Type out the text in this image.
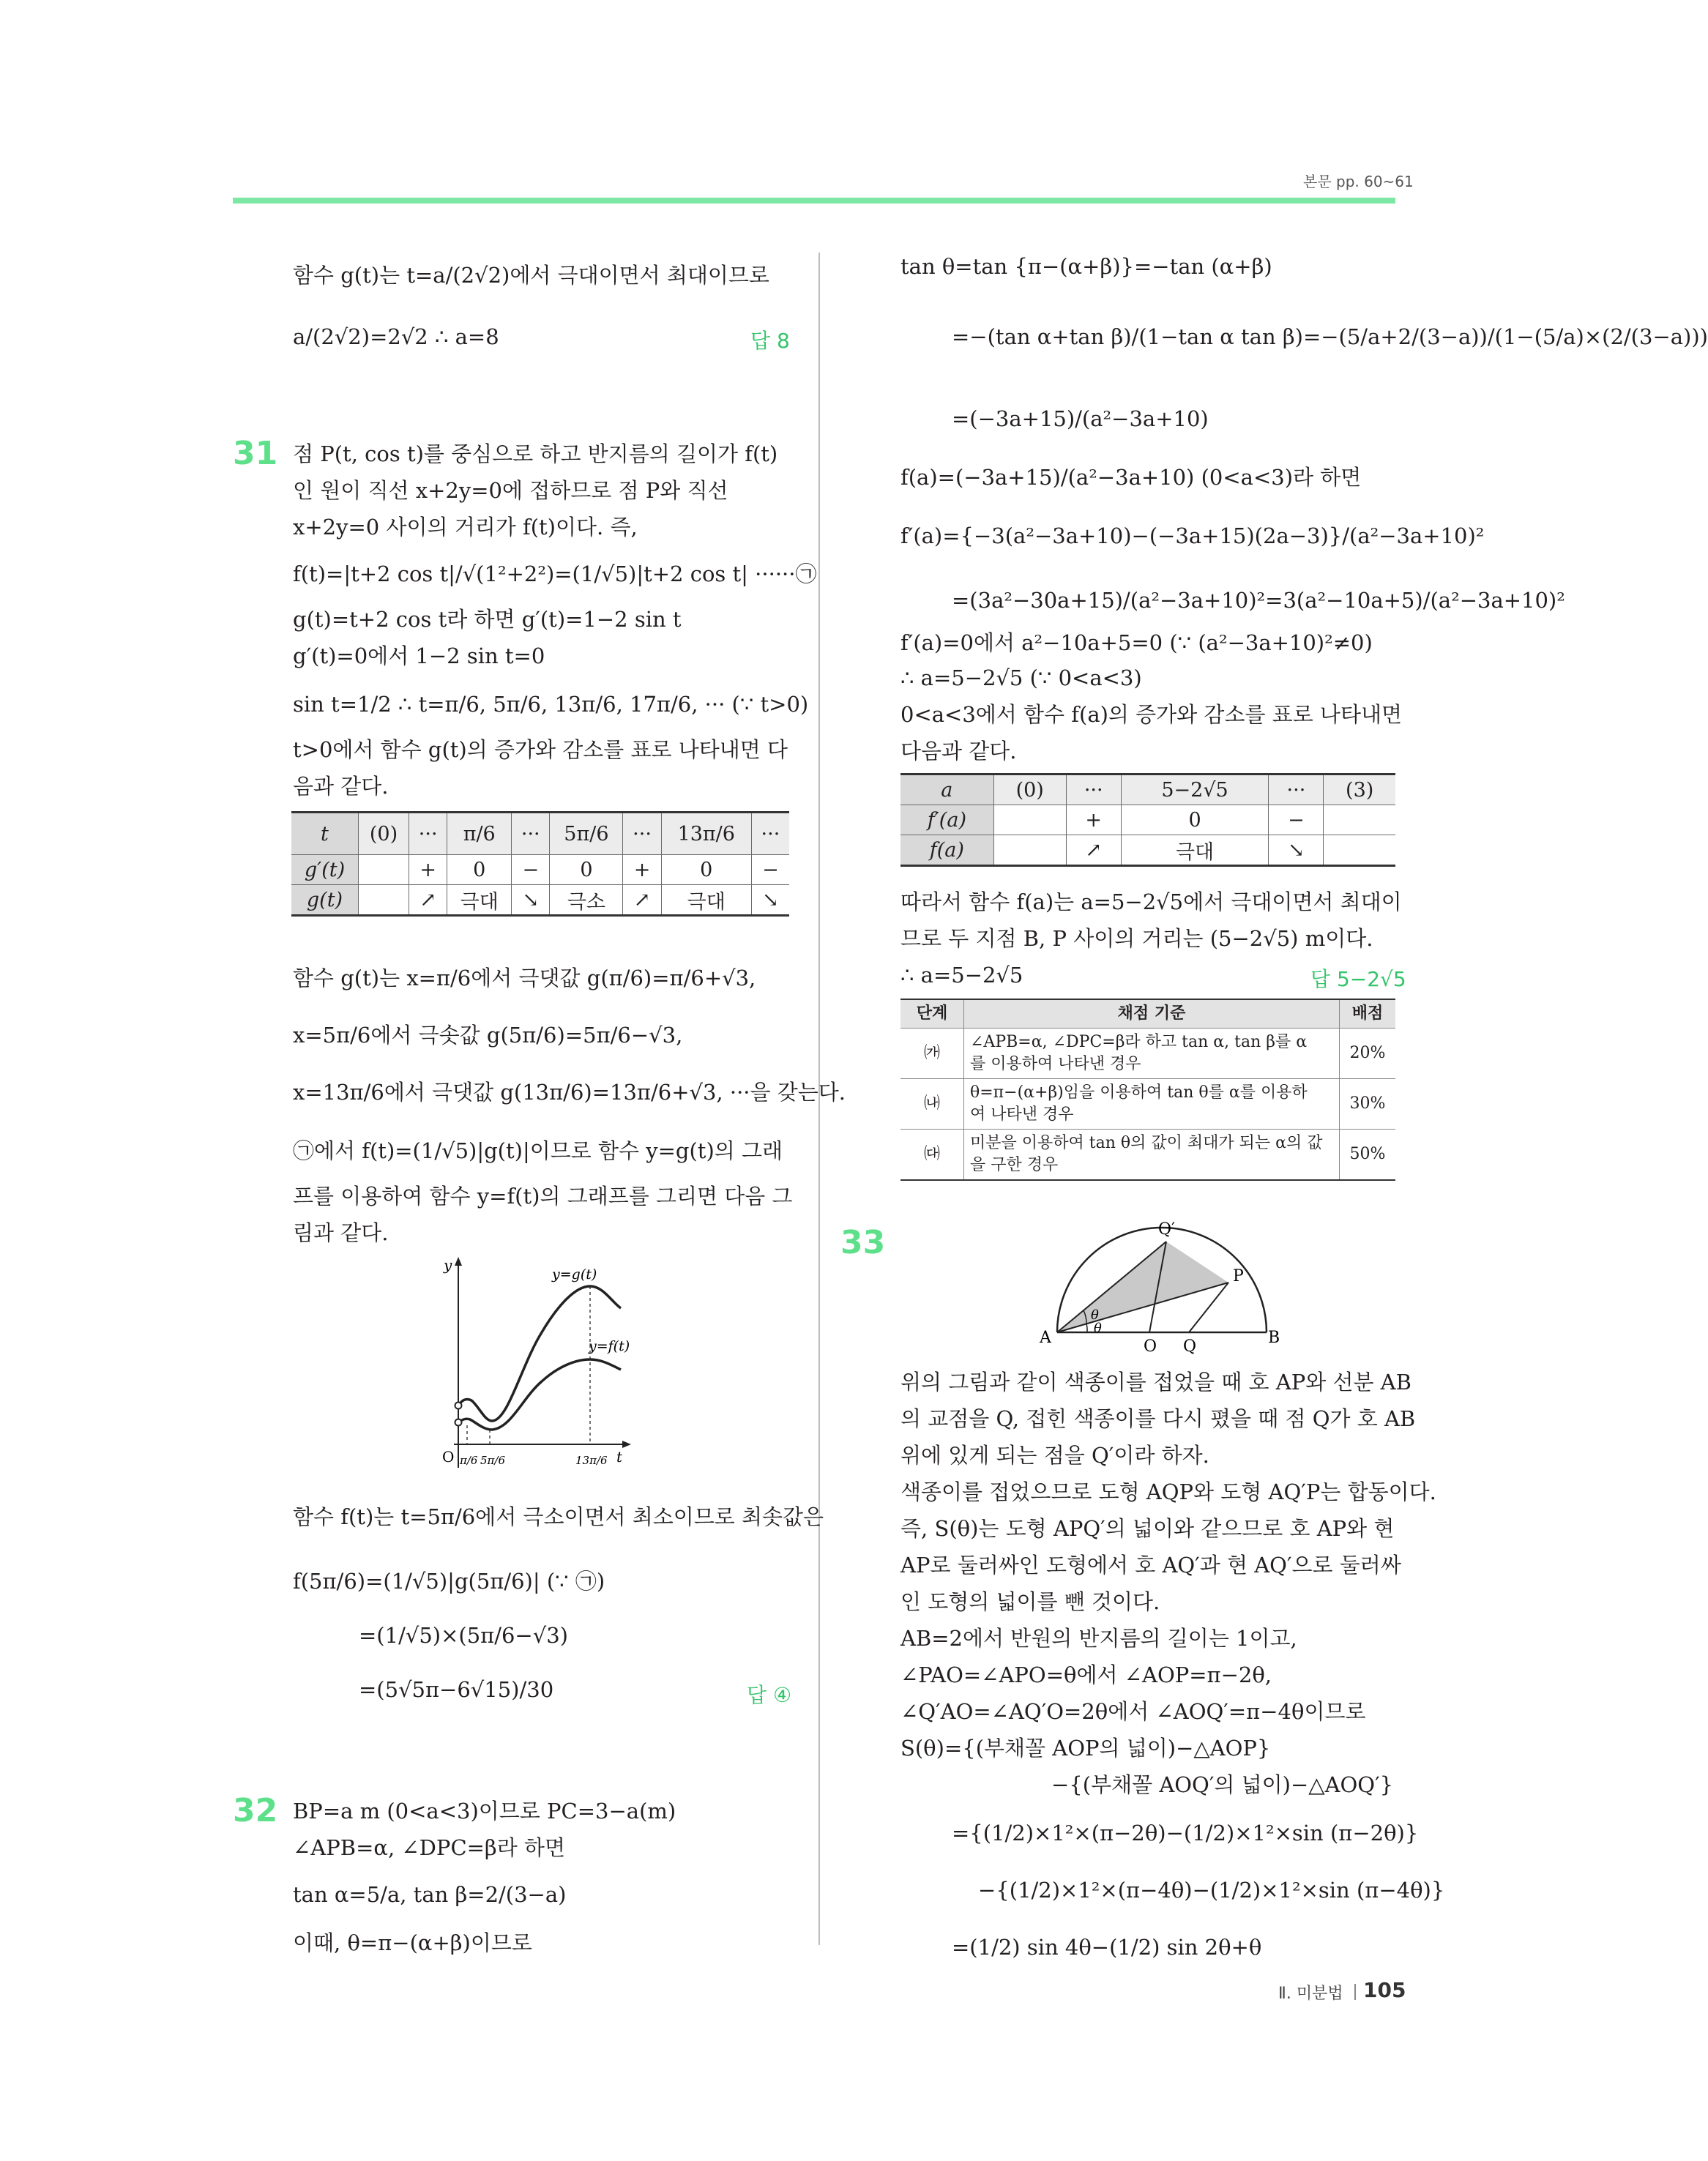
본문 pp. 60~61
함수 g(t)는 t=a/(2√2)에서 극대이면서 최대이므로
a/(2√2)=2√2 ∴ a=8	답 8
31 점 P(t, cos t)를 중심으로 하고 반지름의 길이가 f(t)
인 원이 직선 x+2y=0에 접하므로 점 P와 직선
x+2y=0 사이의 거리가 f(t)이다. 즉,
f(t)=|t+2 cos t|/√(1²+2²)=(1/√5)|t+2 cos t| ······㉠
g(t)=t+2 cos t라 하면 g′(t)=1−2 sin t
g′(t)=0에서 1−2 sin t=0
sin t=1/2 ∴ t=π/6, 5π/6, 13π/6, 17π/6, ··· (∵ t>0)
t>0에서 함수 g(t)의 증가와 감소를 표로 나타내면 다
음과 같다.
t	(0)	···	π/6	···	5π/6	···	13π/6	···
g′(t)		+	0	−	0	+	0	−
g(t)		↗	극대	↘	극소	↗	극대	↘
함수 g(t)는 x=π/6에서 극댓값 g(π/6)=π/6+√3,
x=5π/6에서 극솟값 g(5π/6)=5π/6−√3,
x=13π/6에서 극댓값 g(13π/6)=13π/6+√3, ···을 갖는다.
㉠에서 f(t)=(1/√5)|g(t)|이므로 함수 y=g(t)의 그래
프를 이용하여 함수 y=f(t)의 그래프를 그리면 다음 그
림과 같다.
y
t
O
y=g(t)
y=f(t)
π/6 5π/6	13π/6
함수 f(t)는 t=5π/6에서 극소이면서 최소이므로 최솟값은
f(5π/6)=(1/√5)|g(5π/6)| (∵ ㉠)
=(1/√5)×(5π/6−√3)
=(5√5π−6√15)/30	답 ④
32 BP=a m (0<a<3)이므로 PC=3−a(m)
∠APB=α, ∠DPC=β라 하면
tan α=5/a, tan β=2/(3−a)
이때, θ=π−(α+β)이므로
tan θ=tan {π−(α+β)}=−tan (α+β)
=−(tan α+tan β)/(1−tan α tan β)=−(5/a+2/(3−a))/(1−(5/a)×(2/(3−a)))
=(−3a+15)/(a²−3a+10)
f(a)=(−3a+15)/(a²−3a+10) (0<a<3)라 하면
f′(a)={−3(a²−3a+10)−(−3a+15)(2a−3)}/(a²−3a+10)²
=(3a²−30a+15)/(a²−3a+10)²=3(a²−10a+5)/(a²−3a+10)²
f′(a)=0에서 a²−10a+5=0 (∵ (a²−3a+10)²≠0)
∴ a=5−2√5 (∵ 0<a<3)
0<a<3에서 함수 f(a)의 증가와 감소를 표로 나타내면
다음과 같다.
a	(0)	···	5−2√5	···	(3)
f′(a)		+	0	−	
f(a)		↗	극대	↘	
따라서 함수 f(a)는 a=5−2√5에서 극대이면서 최대이
므로 두 지점 B, P 사이의 거리는 (5−2√5) m이다.
∴ a=5−2√5	답 5−2√5
단계	채점 기준	배점
㈎	∠APB=α, ∠DPC=β라 하고 tan α, tan β를 α
를 이용하여 나타낸 경우	20%
㈏	θ=π−(α+β)임을 이용하여 tan θ를 α를 이용하
여 나타낸 경우	30%
㈐	미분을 이용하여 tan θ의 값이 최대가 되는 α의 값
을 구한 경우	50%
33
A	B
O Q
P
Q′
θ
θ
위의 그림과 같이 색종이를 접었을 때 호 AP와 선분 AB
의 교점을 Q, 접힌 색종이를 다시 폈을 때 점 Q가 호 AB
위에 있게 되는 점을 Q′이라 하자.
색종이를 접었으므로 도형 AQP와 도형 AQ′P는 합동이다.
즉, S(θ)는 도형 APQ′의 넓이와 같으므로 호 AP와 현
AP로 둘러싸인 도형에서 호 AQ′과 현 AQ′으로 둘러싸
인 도형의 넓이를 뺀 것이다.
AB=2에서 반원의 반지름의 길이는 1이고,
∠PAO=∠APO=θ에서 ∠AOP=π−2θ,
∠Q′AO=∠AQ′O=2θ에서 ∠AOQ′=π−4θ이므로
S(θ)={(부채꼴 AOP의 넓이)−△AOP}
−{(부채꼴 AOQ′의 넓이)−△AOQ′}
={(1/2)×1²×(π−2θ)−(1/2)×1²×sin (π−2θ)}
−{(1/2)×1²×(π−4θ)−(1/2)×1²×sin (π−4θ)}
=(1/2) sin 4θ−(1/2) sin 2θ+θ
Ⅱ. 미분법 105
